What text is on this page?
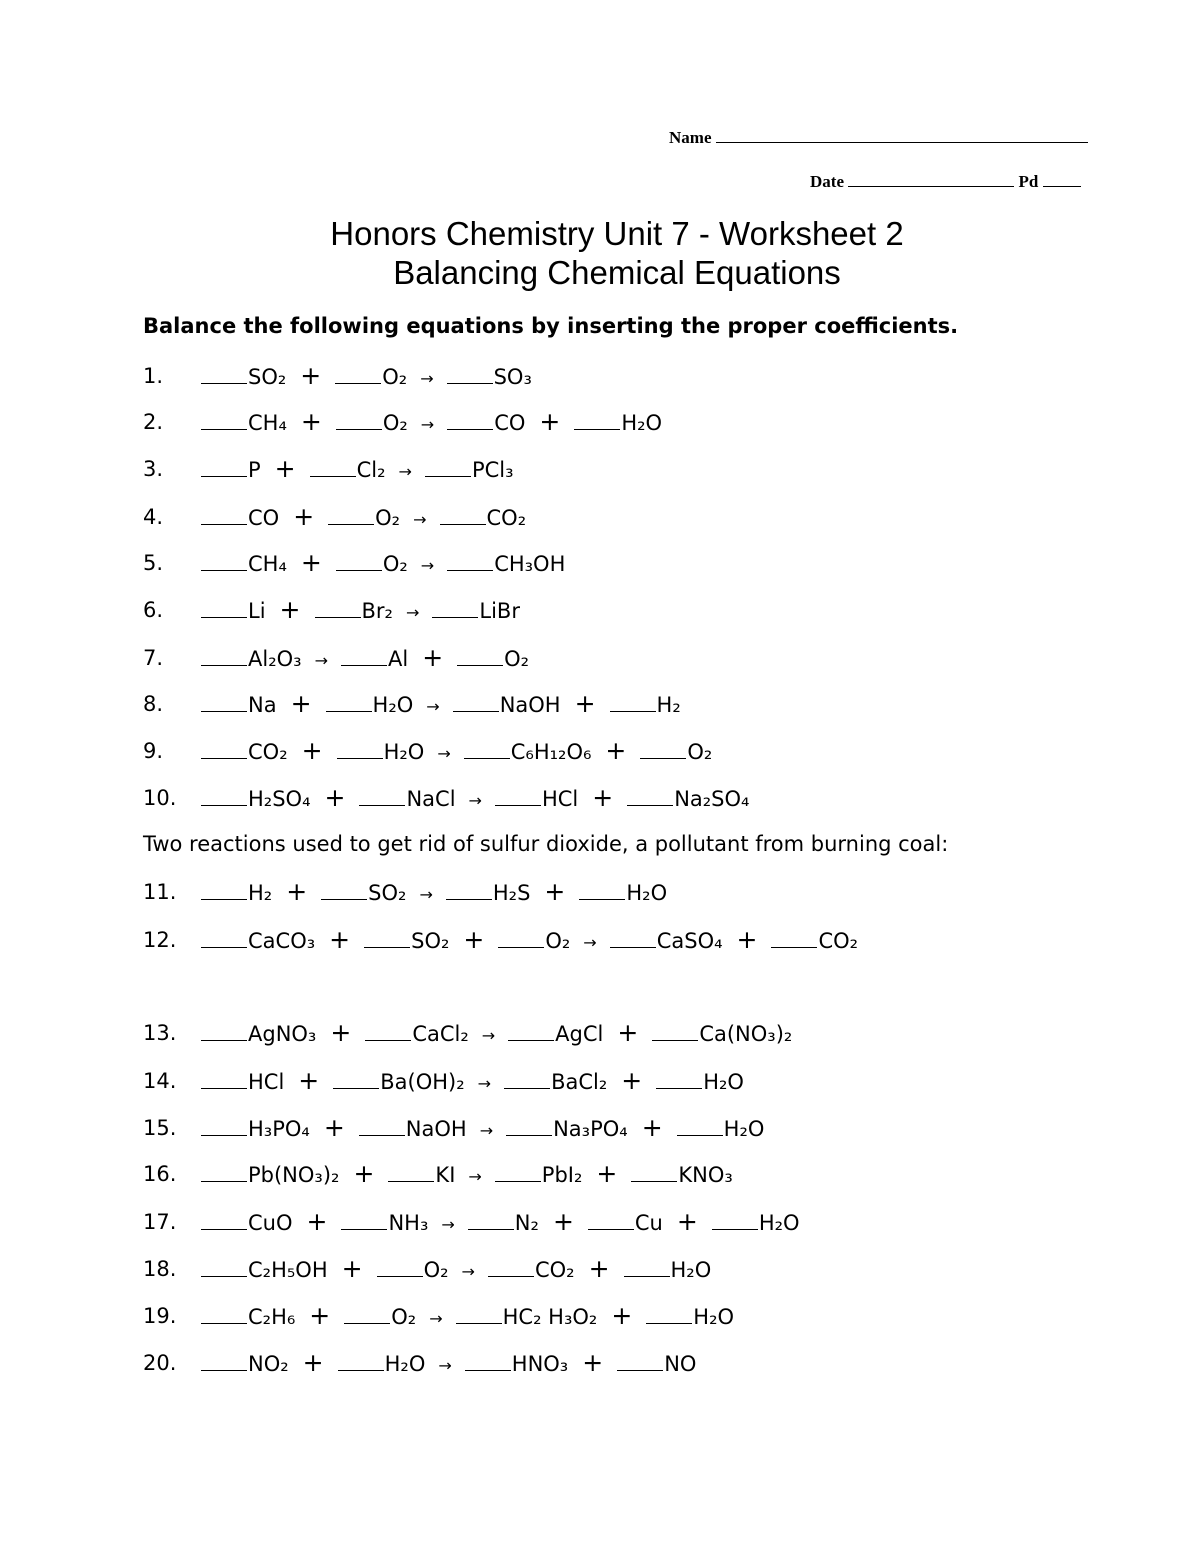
Name
Date	Pd
Honors Chemistry Unit 7 - Worksheet 2
Balancing Chemical Equations
Balance the following equations by inserting the proper coefficients.
Two reactions used to get rid of sulfur dioxide, a pollutant from burning coal:
1.	SO₂ +	O₂ →	SO₃
2.	CH₄ +	O₂ →	CO +	H₂O
3.	P +	Cl₂ →	PCl₃
4.	CO +	O₂ →	CO₂
5.	CH₄ +	O₂ →	CH₃OH
6.	Li +	Br₂ →	LiBr
7.	Al₂O₃ →	Al +	O₂
8.	Na +	H₂O →	NaOH +	H₂
9.	CO₂ +	H₂O →	C₆H₁₂O₆ +	O₂
10.	H₂SO₄ +	NaCl →	HCl +	Na₂SO₄
11.	H₂ +	SO₂ →	H₂S +	H₂O
12.	CaCO₃ +	SO₂ +	O₂ →	CaSO₄ +	CO₂
13.	AgNO₃ +	CaCl₂ →	AgCl +	Ca(NO₃)₂
14.	HCl +	Ba(OH)₂ →	BaCl₂ +	H₂O
15.	H₃PO₄ +	NaOH →	Na₃PO₄ +	H₂O
16.	Pb(NO₃)₂ +	KI →	PbI₂ +	KNO₃
17.	CuO +	NH₃ →	N₂ +	Cu +	H₂O
18.	C₂H₅OH +	O₂ →	CO₂ +	H₂O
19.	C₂H₆ +	O₂ →	HC₂ H₃O₂ +	H₂O
20.	NO₂ +	H₂O →	HNO₃ +	NO
